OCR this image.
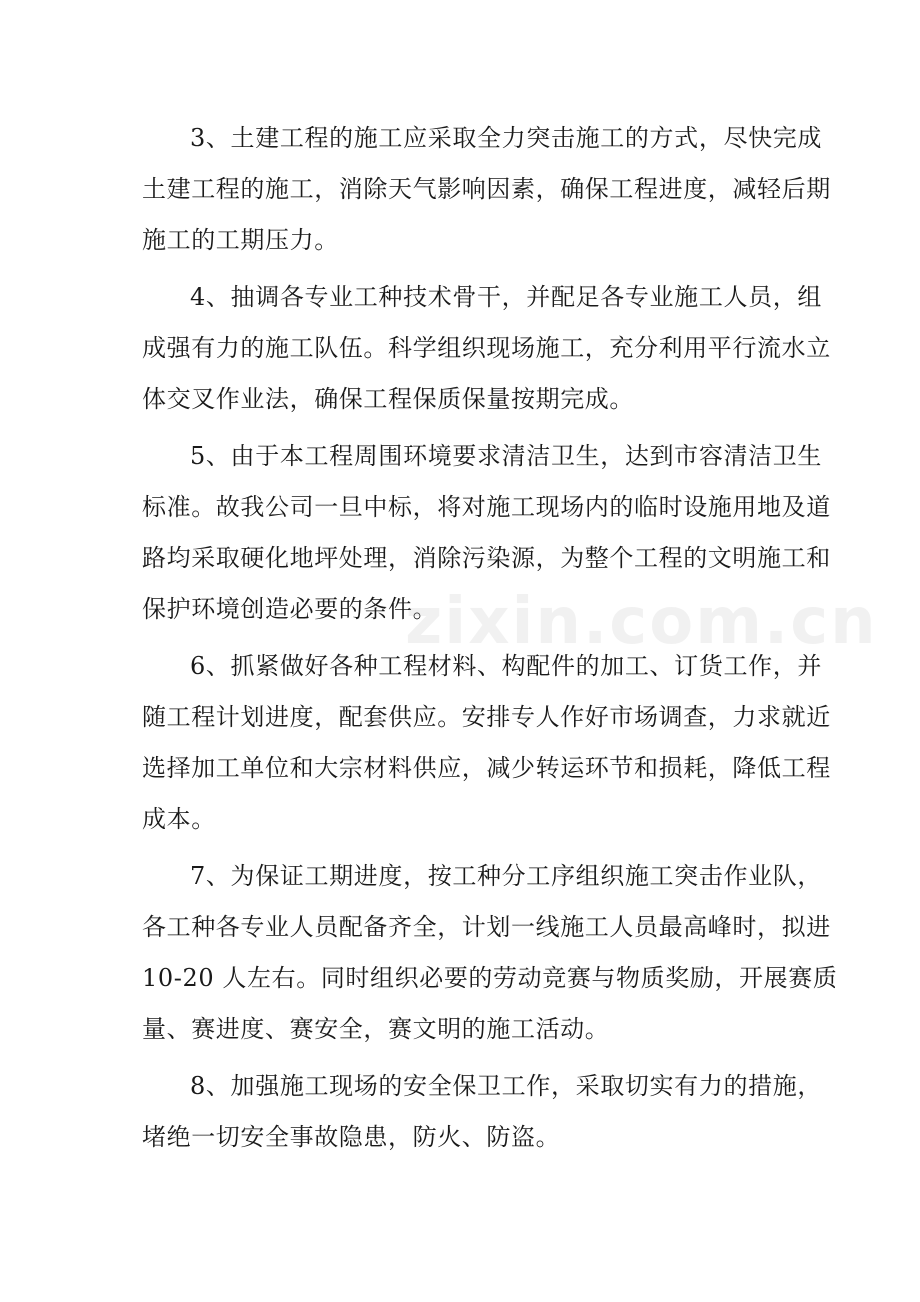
3、土建工程的施工应采取全力突击施工的方式，尽快完成
土建工程的施工，消除天气影响因素，确保工程进度，减轻后期
施工的工期压力。
4、抽调各专业工种技术骨干，并配足各专业施工人员，组
成强有力的施工队伍。科学组织现场施工，充分利用平行流水立
体交叉作业法，确保工程保质保量按期完成。
5、由于本工程周围环境要求清洁卫生，达到市容清洁卫生
标准。故我公司一旦中标，将对施工现场内的临时设施用地及道
路均采取硬化地坪处理，消除污染源，为整个工程的文明施工和
保护环境创造必要的条件。
6、抓紧做好各种工程材料、构配件的加工、订货工作，并
随工程计划进度，配套供应。安排专人作好市场调查，力求就近
选择加工单位和大宗材料供应，减少转运环节和损耗，降低工程
成本。
7、为保证工期进度，按工种分工序组织施工突击作业队，
各工种各专业人员配备齐全，计划一线施工人员最高峰时，拟进
10-20 人左右。同时组织必要的劳动竞赛与物质奖励，开展赛质
量、赛进度、赛安全，赛文明的施工活动。
8、加强施工现场的安全保卫工作，采取切实有力的措施，
堵绝一切安全事故隐患，防火、防盗。
zixin.com.cn
